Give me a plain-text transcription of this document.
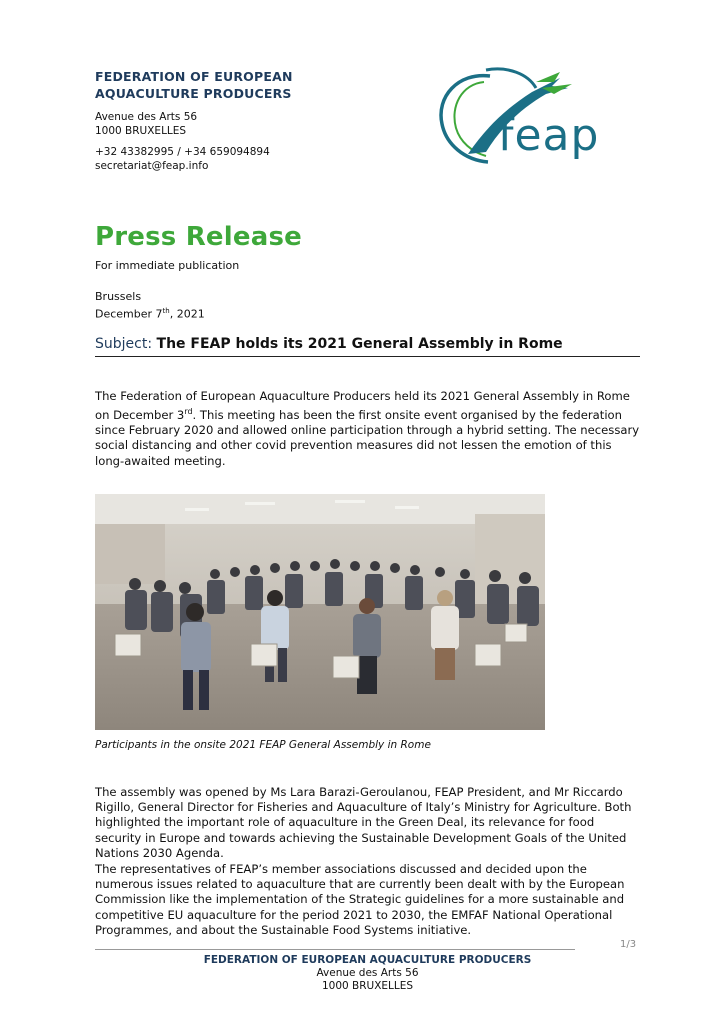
FEDERATION OF EUROPEAN
AQUACULTURE PRODUCERS
Avenue des Arts 56
1000 BRUXELLES
+32 43382995 / +34 659094894
secretariat@feap.info
feap
Press Release
For immediate publication
Brussels
December 7th, 2021
Subject: The FEAP holds its 2021 General Assembly in Rome

The Federation of European Aquaculture Producers held its 2021 General Assembly in Rome on December 3rd. This meeting has been the first onsite event organised by the federation since February 2020 and allowed online participation through a hybrid setting. The necessary social distancing and other covid prevention measures did not lessen the emotion of this long-awaited meeting.

Participants in the onsite 2021 FEAP General Assembly in Rome

The assembly was opened by Ms Lara Barazi-Geroulanou, FEAP President, and Mr Riccardo Rigillo, General Director for Fisheries and Aquaculture of Italy’s Ministry for Agriculture. Both highlighted the important role of aquaculture in the Green Deal, its relevance for food security in Europe and towards achieving the Sustainable Development Goals of the United Nations 2030 Agenda.

The representatives of FEAP’s member associations discussed and decided upon the numerous issues related to aquaculture that are currently been dealt with by the European Commission like the implementation of the Strategic guidelines for a more sustainable and competitive EU aquaculture for the period 2021 to 2030, the EMFAF National Operational Programmes, and about the Sustainable Food Systems initiative.

1/3
FEDERATION OF EUROPEAN AQUACULTURE PRODUCERS
Avenue des Arts 56
1000 BRUXELLES
